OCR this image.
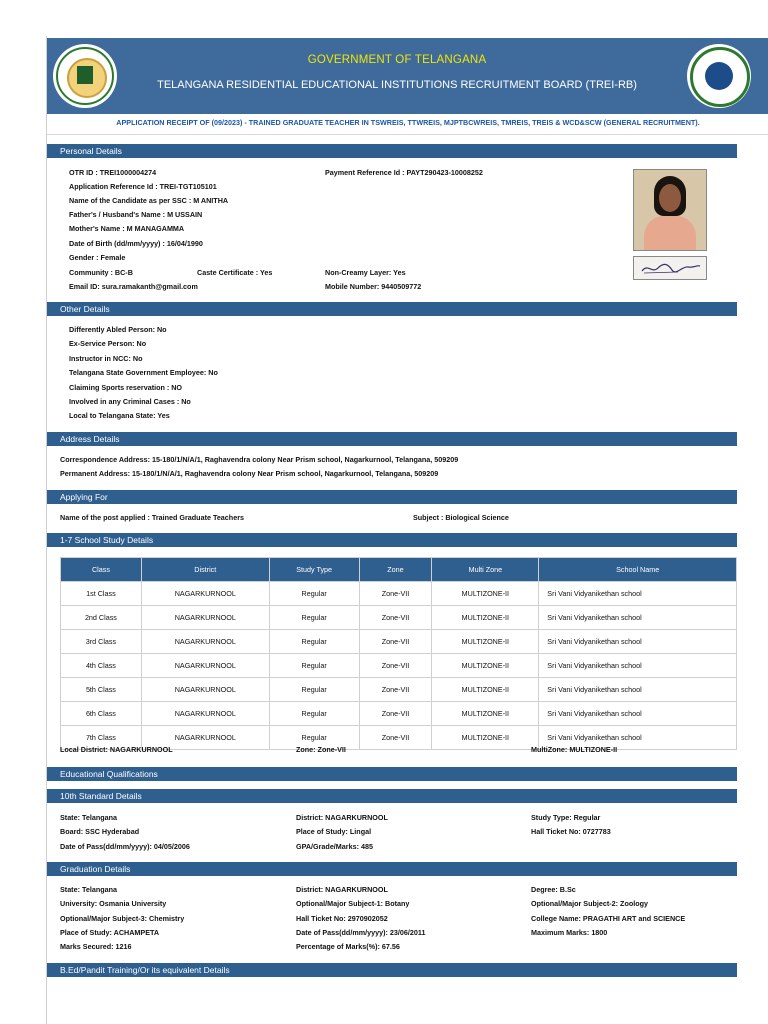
GOVERNMENT OF TELANGANA
TELANGANA RESIDENTIAL EDUCATIONAL INSTITUTIONS RECRUITMENT BOARD (TREI-RB)
APPLICATION RECEIPT OF (09/2023) - TRAINED GRADUATE TEACHER IN TSWREIS, TTWREIS, MJPTBCWREIS, TMREIS, TREIS & WCD&SCW (GENERAL RECRUITMENT).
Personal Details
OTR ID : TREI1000004274	Payment Reference Id : PAYT290423-10008252
Application Reference Id : TREI-TGT105101
Name of the Candidate as per SSC : M ANITHA
Father's / Husband's Name : M USSAIN
Mother's Name : M MANAGAMMA
Date of Birth (dd/mm/yyyy) : 16/04/1990
Gender : Female
Community : BC-B	Caste Certificate : Yes	Non-Creamy Layer: Yes
Email ID: sura.ramakanth@gmail.com	Mobile Number: 9440509772
Other Details
Differently Abled Person: No
Ex-Service Person: No
Instructor in NCC: No
Telangana State Government Employee: No
Claiming Sports reservation : NO
Involved in any Criminal Cases : No
Local to Telangana State: Yes
Address Details
Correspondence Address: 15-180/1/N/A/1, Raghavendra colony Near Prism school, Nagarkurnool, Telangana, 509209
Permanent Address: 15-180/1/N/A/1, Raghavendra colony Near Prism school, Nagarkurnool, Telangana, 509209
Applying For
Name of the post applied : Trained Graduate Teachers	Subject : Biological Science
1-7 School Study Details
Class	District	Study Type	Zone	Multi Zone	School Name
1st Class	NAGARKURNOOL	Regular	Zone-VII	MULTIZONE-II	Sri Vani Vidyanikethan school
2nd Class	NAGARKURNOOL	Regular	Zone-VII	MULTIZONE-II	Sri Vani Vidyanikethan school
3rd Class	NAGARKURNOOL	Regular	Zone-VII	MULTIZONE-II	Sri Vani Vidyanikethan school
4th Class	NAGARKURNOOL	Regular	Zone-VII	MULTIZONE-II	Sri Vani Vidyanikethan school
5th Class	NAGARKURNOOL	Regular	Zone-VII	MULTIZONE-II	Sri Vani Vidyanikethan school
6th Class	NAGARKURNOOL	Regular	Zone-VII	MULTIZONE-II	Sri Vani Vidyanikethan school
7th Class	NAGARKURNOOL	Regular	Zone-VII	MULTIZONE-II	Sri Vani Vidyanikethan school
Local District: NAGARKURNOOL	Zone: Zone-VII	MultiZone: MULTIZONE-II
Educational Qualifications
10th Standard Details
State: Telangana	District: NAGARKURNOOL	Study Type: Regular
Board: SSC Hyderabad	Place of Study: Lingal	Hall Ticket No: 0727783
Date of Pass(dd/mm/yyyy): 04/05/2006	GPA/Grade/Marks: 485
Graduation Details
State: Telangana	District: NAGARKURNOOL	Degree: B.Sc
University: Osmania University	Optional/Major Subject-1: Botany	Optional/Major Subject-2: Zoology
Optional/Major Subject-3: Chemistry	Hall Ticket No: 2970902052	College Name: PRAGATHI ART and SCIENCE
Place of Study: ACHAMPETA	Date of Pass(dd/mm/yyyy): 23/06/2011	Maximum Marks: 1800
Marks Secured: 1216	Percentage of Marks(%): 67.56
B.Ed/Pandit Training/Or its equivalent Details
